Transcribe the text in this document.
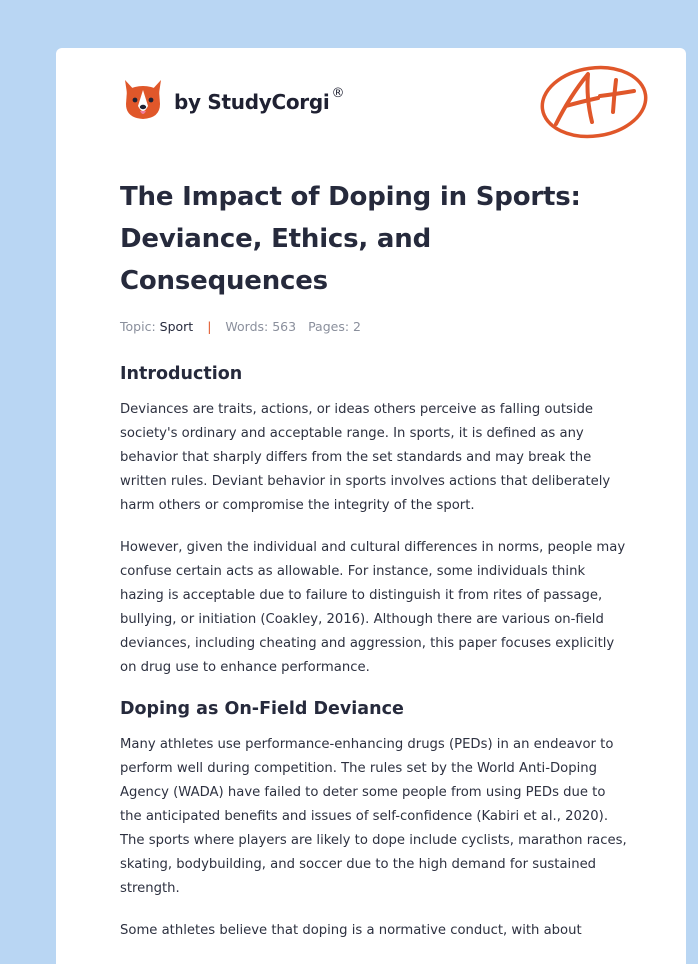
by StudyCorgi ®
The Impact of Doping in Sports: Deviance, Ethics, and Consequences
Topic: Sport | Words: 563 Pages: 2
Introduction

Deviances are traits, actions, or ideas others perceive as falling outside society's ordinary and acceptable range. In sports, it is defined as any behavior that sharply differs from the set standards and may break the written rules. Deviant behavior in sports involves actions that deliberately harm others or compromise the integrity of the sport.

However, given the individual and cultural differences in norms, people may confuse certain acts as allowable. For instance, some individuals think hazing is acceptable due to failure to distinguish it from rites of passage, bullying, or initiation (Coakley, 2016). Although there are various on-field deviances, including cheating and aggression, this paper focuses explicitly on drug use to enhance performance.

Doping as On-Field Deviance

Many athletes use performance-enhancing drugs (PEDs) in an endeavor to perform well during competition. The rules set by the World Anti-Doping Agency (WADA) have failed to deter some people from using PEDs due to the anticipated benefits and issues of self-confidence (Kabiri et al., 2020). The sports where players are likely to dope include cyclists, marathon races, skating, bodybuilding, and soccer due to the high demand for sustained strength.

Some athletes believe that doping is a normative conduct, with about
